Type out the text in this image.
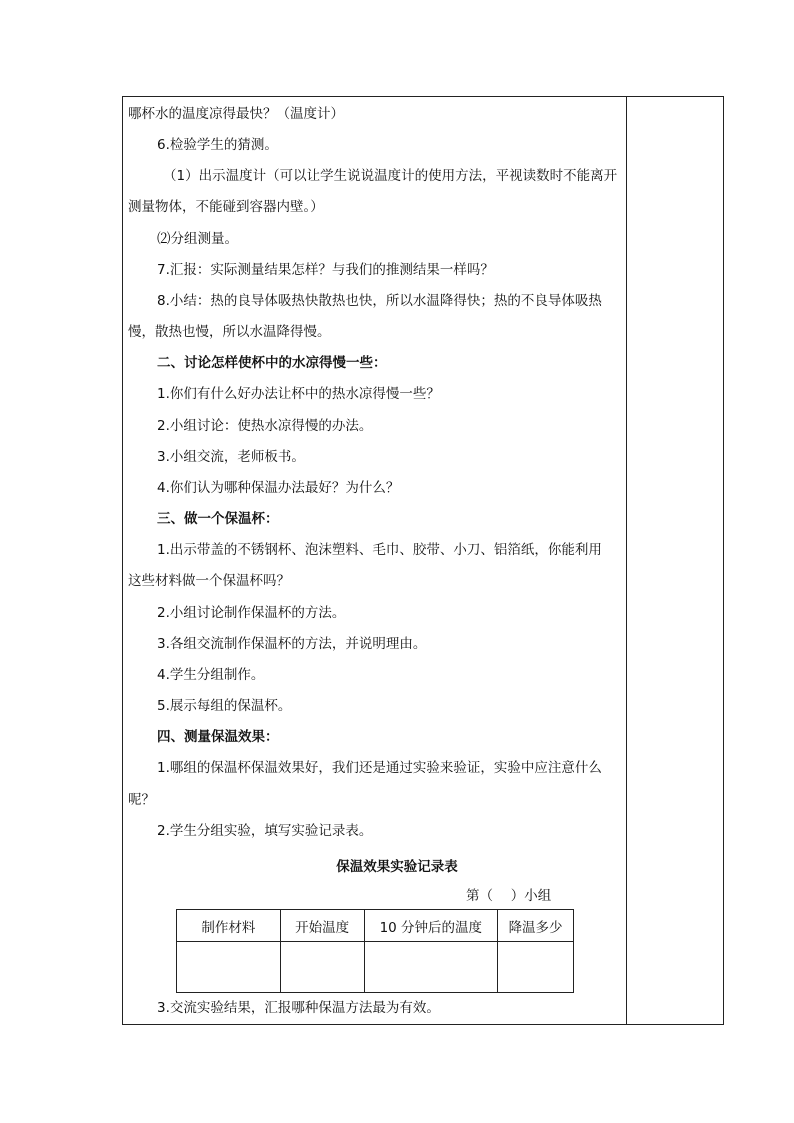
哪杯水的温度凉得最快？（温度计）
6.检验学生的猜测。
（1）出示温度计（可以让学生说说温度计的使用方法，平视读数时不能离开
测量物体，不能碰到容器内壁。）
⑵分组测量。
7.汇报：实际测量结果怎样？与我们的推测结果一样吗？
8.小结：热的良导体吸热快散热也快，所以水温降得快；热的不良导体吸热
慢，散热也慢，所以水温降得慢。
二、讨论怎样使杯中的水凉得慢一些：
1.你们有什么好办法让杯中的热水凉得慢一些？
2.小组讨论：使热水凉得慢的办法。
3.小组交流，老师板书。
4.你们认为哪种保温办法最好？为什么？
三、做一个保温杯：
1.出示带盖的不锈钢杯、泡沫塑料、毛巾、胶带、小刀、铝箔纸，你能利用
这些材料做一个保温杯吗？
2.小组讨论制作保温杯的方法。
3.各组交流制作保温杯的方法，并说明理由。
4.学生分组制作。
5.展示每组的保温杯。
四、测量保温效果：
1.哪组的保温杯保温效果好，我们还是通过实验来验证，实验中应注意什么
呢？
2.学生分组实验，填写实验记录表。
保温效果实验记录表
第（　 ）小组
制作材料	开始温度	10 分钟后的温度	降温多少

3.交流实验结果，汇报哪种保温方法最为有效。
